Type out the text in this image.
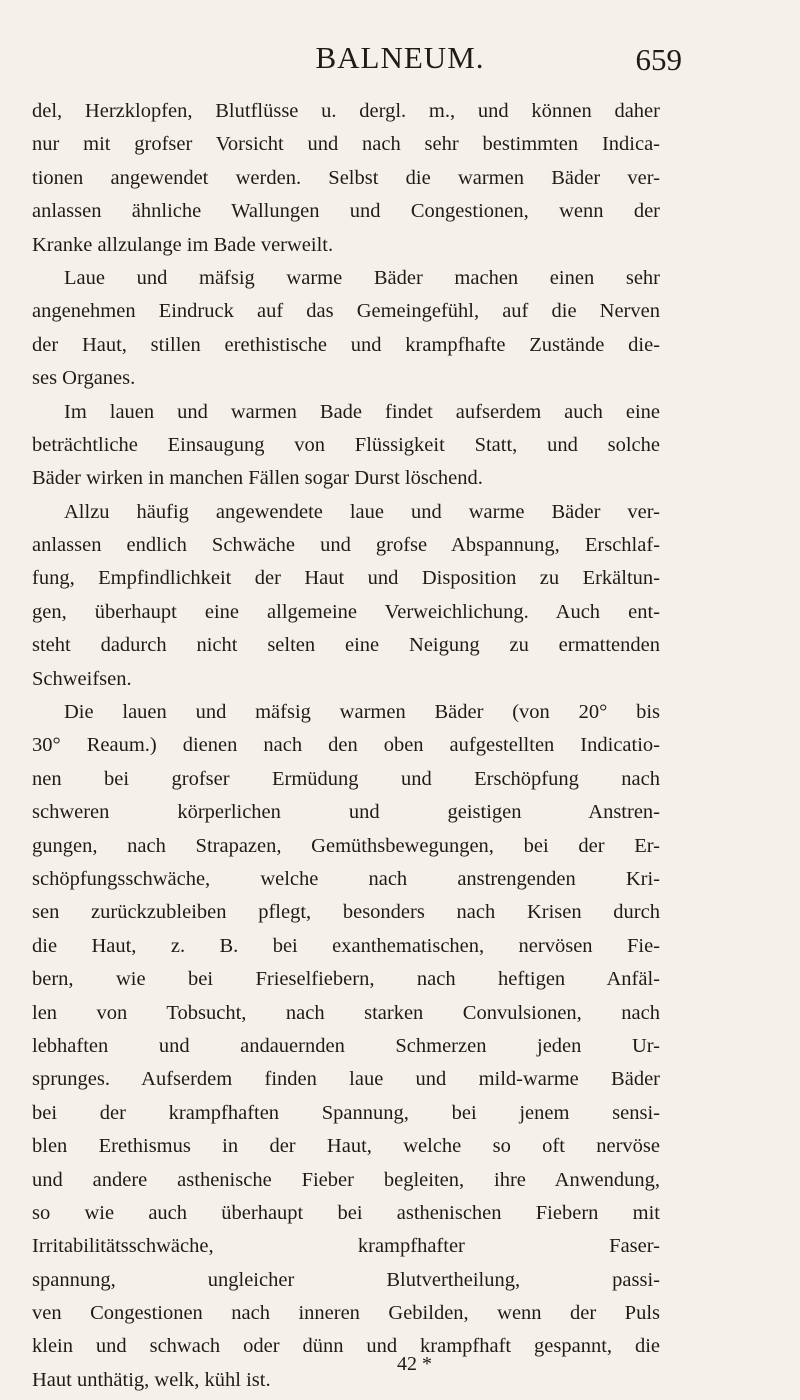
BALNEUM.	659
del, Herzklopfen, Blutflüsse u. dergl. m., und können daher
nur mit grofser Vorsicht und nach sehr bestimmten Indica-
tionen angewendet werden. Selbst die warmen Bäder ver-
anlassen ähnliche Wallungen und Congestionen, wenn der
Kranke allzulange im Bade verweilt.
Laue und mäfsig warme Bäder machen einen sehr
angenehmen Eindruck auf das Gemeingefühl, auf die Nerven
der Haut, stillen erethistische und krampfhafte Zustände die-
ses Organes.
Im lauen und warmen Bade findet aufserdem auch eine
beträchtliche Einsaugung von Flüssigkeit Statt, und solche
Bäder wirken in manchen Fällen sogar Durst löschend.
Allzu häufig angewendete laue und warme Bäder ver-
anlassen endlich Schwäche und grofse Abspannung, Erschlaf-
fung, Empfindlichkeit der Haut und Disposition zu Erkältun-
gen, überhaupt eine allgemeine Verweichlichung. Auch ent-
steht dadurch nicht selten eine Neigung zu ermattenden
Schweifsen.
Die lauen und mäfsig warmen Bäder (von 20° bis
30° Reaum.) dienen nach den oben aufgestellten Indicatio-
nen bei grofser Ermüdung und Erschöpfung nach
schweren körperlichen und geistigen Anstren-
gungen, nach Strapazen, Gemüthsbewegungen, bei der Er-
schöpfungsschwäche, welche nach anstrengenden Kri-
sen zurückzubleiben pflegt, besonders nach Krisen durch
die Haut, z. B. bei exanthematischen, nervösen Fie-
bern, wie bei Frieselfiebern, nach heftigen Anfäl-
len von Tobsucht, nach starken Convulsionen, nach
lebhaften und andauernden Schmerzen jeden Ur-
sprunges. Aufserdem finden laue und mild-warme Bäder
bei der krampfhaften Spannung, bei jenem sensi-
blen Erethismus in der Haut, welche so oft nervöse
und andere asthenische Fieber begleiten, ihre Anwendung,
so wie auch überhaupt bei asthenischen Fiebern mit
Irritabilitätsschwäche, krampfhafter Faser-
spannung, ungleicher Blutvertheilung, passi-
ven Congestionen nach inneren Gebilden, wenn der Puls
klein und schwach oder dünn und krampfhaft gespannt, die
Haut unthätig, welk, kühl ist.
42 *
